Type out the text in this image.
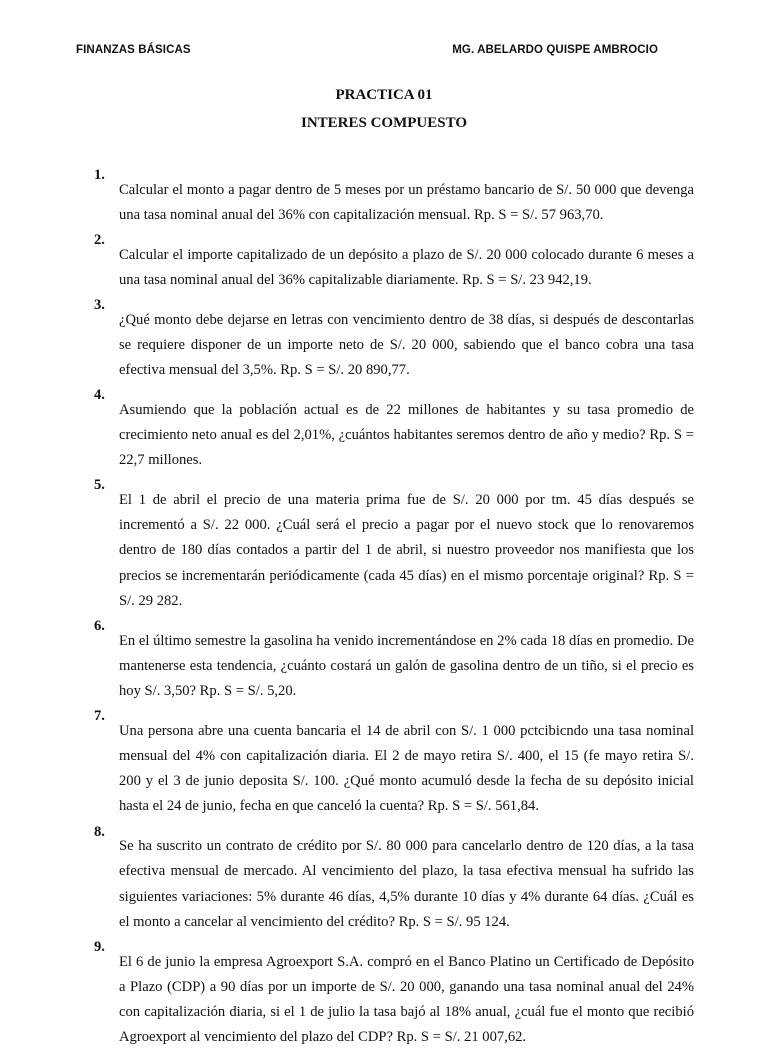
FINANZAS BÁSICAS	MG. ABELARDO QUISPE AMBROCIO
PRACTICA 01
INTERES COMPUESTO
1.

Calcular el monto a pagar dentro de 5 meses por un préstamo bancario de S/. 50 000 que devenga una tasa nominal anual del 36% con capitalización mensual. Rp. S = S/. 57 963,70.

2.

Calcular el importe capitalizado de un depósito a plazo de S/. 20 000 colocado durante 6 meses a una tasa nominal anual del 36% capitalizable diariamente. Rp. S = S/. 23 942,19.

3.

¿Qué monto debe dejarse en letras con vencimiento dentro de 38 días, si después de descontarlas se requiere disponer de un importe neto de S/. 20 000, sabiendo que el banco cobra una tasa efectiva mensual del 3,5%. Rp. S = S/. 20 890,77.

4.

Asumiendo que la población actual es de 22 millones de habitantes y su tasa promedio de crecimiento neto anual es del 2,01%, ¿cuántos habitantes seremos dentro de año y medio? Rp. S = 22,7 millones.

5.

El 1 de abril el precio de una materia prima fue de S/. 20 000 por tm. 45 días después se incrementó a S/. 22 000. ¿Cuál será el precio a pagar por el nuevo stock que lo renovaremos dentro de 180 días contados a partir del 1 de abril, si nuestro proveedor nos manifiesta que los precios se incrementarán periódicamente (cada 45 días) en el mismo porcentaje original? Rp. S = S/. 29 282.

6.

En el último semestre la gasolina ha venido incrementándose en 2% cada 18 días en promedio. De mantenerse esta tendencia, ¿cuánto costará un galón de gasolina dentro de un tiño, si el precio es hoy S/. 3,50? Rp. S = S/. 5,20.

7.

Una persona abre una cuenta bancaria el 14 de abril con S/. 1 000 pctcibicndo una tasa nominal mensual del 4% con capitalización diaria. El 2 de mayo retira S/. 400, el 15 (fe mayo retira S/. 200 y el 3 de junio deposita S/. 100. ¿Qué monto acumuló desde la fecha de su depósito inicial hasta el 24 de junio, fecha en que canceló la cuenta? Rp. S = S/. 561,84.

8.

Se ha suscrito un contrato de crédito por S/. 80 000 para cancelarlo dentro de 120 días, a la tasa efectiva mensual de mercado. Al vencimiento del plazo, la tasa efectiva mensual ha sufrido las siguientes variaciones: 5% durante 46 días, 4,5% durante 10 días y 4% durante 64 días. ¿Cuál es el monto a cancelar al vencimiento del crédito? Rp. S = S/. 95 124.

9.

El 6 de junio la empresa Agroexport S.A. compró en el Banco Platino un Certificado de Depósito a Plazo (CDP) a 90 días por un importe de S/. 20 000, ganando una tasa nominal anual del 24% con capitalización diaria, si el 1 de julio la tasa bajó al 18% anual, ¿cuál fue el monto que recibió Agroexport al vencimiento del plazo del CDP? Rp. S = S/. 21 007,62.
